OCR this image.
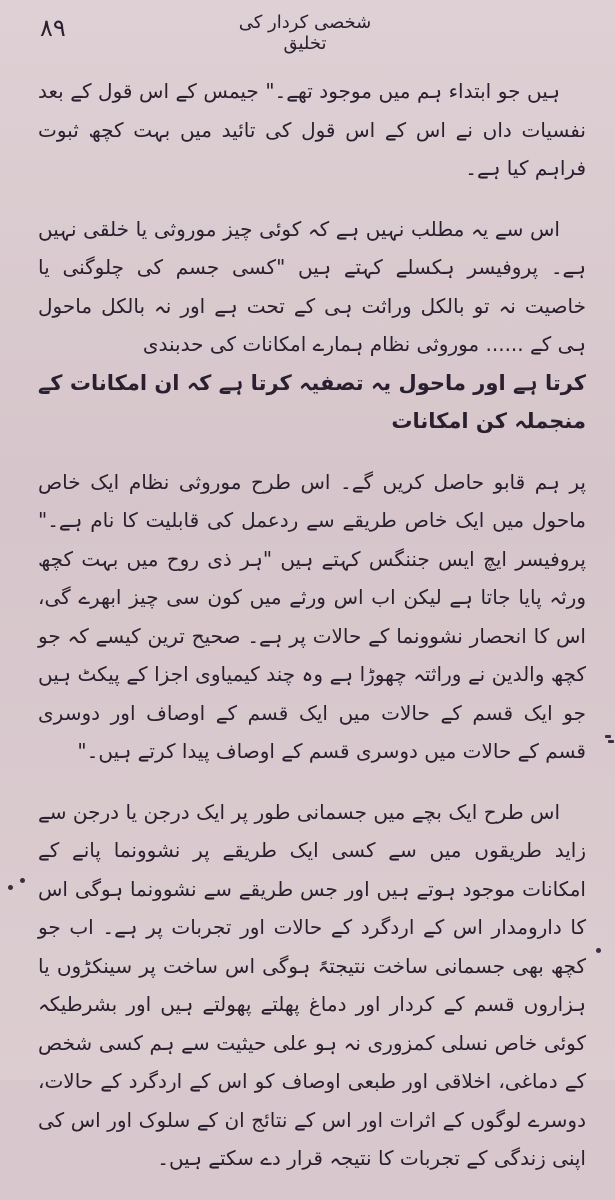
۸۹	شخصی کردار کی تخلیق

ہیں جو ابتداء ہم میں موجود تھے۔" جیمس کے اس قول کے بعد نفسیات داں نے اس کے اس قول کی تائید میں بہت کچھ ثبوت فراہم کیا ہے۔

اس سے یہ مطلب نہیں ہے کہ کوئی چیز موروثی یا خلقی نہیں ہے۔ پروفیسر ہکسلے کہتے ہیں "کسی جسم کی چلوگنی یا خاصیت نہ تو بالکل وراثت ہی کے تحت ہے اور نہ بالکل ماحول ہی کے ...... موروثی نظام ہمارے امکانات کی حدبندی

کرتا ہے اور ماحول یہ تصفیہ کرتا ہے کہ ان امکانات کے منجملہ کن امکانات

پر ہم قابو حاصل کریں گے۔ اس طرح موروثی نظام ایک خاص ماحول میں ایک خاص طریقے سے ردعمل کی قابلیت کا نام ہے۔" پروفیسر ایچ ایس جننگس کہتے ہیں "ہر ذی روح میں بہت کچھ ورثہ پایا جاتا ہے لیکن اب اس ورثے میں کون سی چیز ابھرے گی، اس کا انحصار نشوونما کے حالات پر ہے۔ صحیح ترین کیسے کہ جو کچھ والدین نے وراثتہ چھوڑا ہے وہ چند کیمیاوی اجزا کے پیکٹ ہیں جو ایک قسم کے حالات میں ایک قسم کے اوصاف اور دوسری قسم کے حالات میں دوسری قسم کے اوصاف پیدا کرتے ہیں۔"

اس طرح ایک بچے میں جسمانی طور پر ایک درجن یا درجن سے زاید طریقوں میں سے کسی ایک طریقے پر نشوونما پانے کے امکانات موجود ہوتے ہیں اور جس طریقے سے نشوونما ہوگی اس کا دارومدار اس کے اردگرد کے حالات اور تجربات پر ہے۔ اب جو کچھ بھی جسمانی ساخت نتیجتہً ہوگی اس ساخت پر سینکڑوں یا ہزاروں قسم کے کردار اور دماغ پھلتے پھولتے ہیں اور بشرطیکہ کوئی خاص نسلی کمزوری نہ ہو علی حیثیت سے ہم کسی شخص کے دماغی، اخلاقی اور طبعی اوصاف کو اس کے اردگرد کے حالات، دوسرے لوگوں کے اثرات اور اس کے نتائج ان کے سلوک اور اس کی اپنی زندگی کے تجربات کا نتیجہ قرار دے سکتے ہیں۔
